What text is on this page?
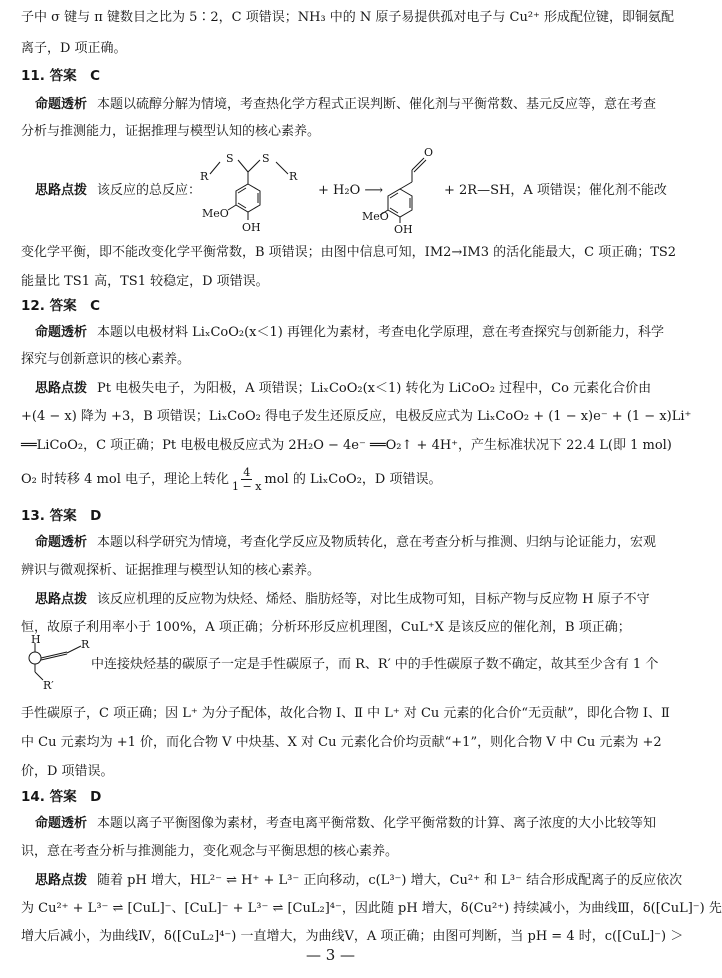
子中 σ 键与 π 键数目之比为 5∶2，C 项错误；NH₃ 中的 N 原子易提供孤对电子与 Cu²⁺ 形成配位键，即铜氨配
离子，D 项正确。
11. 答案　C
命题透析 本题以硫醇分解为情境，考查热化学方程式正误判断、催化剂与平衡常数、基元反应等，意在考查
分析与推测能力，证据推理与模型认知的核心素养。
思路点拨 该反应的总反应：
S	S
R	R
MeO
OH
+ H₂O ⟶
O
MeO
OH
+ 2R—SH，A 项错误；催化剂不能改
变化学平衡，即不能改变化学平衡常数，B 项错误；由图中信息可知，IM2→IM3 的活化能最大，C 项正确；TS2
能量比 TS1 高，TS1 较稳定，D 项错误。
12. 答案　C
命题透析 本题以电极材料 LiₓCoO₂(x＜1) 再锂化为素材，考查电化学原理，意在考查探究与创新能力，科学
探究与创新意识的核心素养。
思路点拨 Pt 电极失电子，为阳极，A 项错误；LiₓCoO₂(x＜1) 转化为 LiCoO₂ 过程中，Co 元素化合价由
+(4 − x) 降为 +3，B 项错误；LiₓCoO₂ 得电子发生还原反应，电极反应式为 LiₓCoO₂ + (1 − x)e⁻ + (1 − x)Li⁺
══LiCoO₂，C 项正确；Pt 电极电极反应式为 2H₂O − 4e⁻ ══O₂↑ + 4H⁺，产生标准状况下 22.4 L(即 1 mol)
O₂ 时转移 4 mol 电子，理论上转化 $\frac{4}{1 - x}$ mol 的 LiₓCoO₂，D 项错误。
13. 答案　D
命题透析 本题以科学研究为情境，考查化学反应及物质转化，意在考查分析与推测、归纳与论证能力，宏观
辨识与微观探析、证据推理与模型认知的核心素养。
思路点拨 该反应机理的反应物为炔烃、烯烃、脂肪烃等，对比生成物可知，目标产物与反应物 H 原子不守
恒，故原子利用率小于 100%，A 项正确；分析环形反应机理图，CuL⁺X 是该反应的催化剂，B 项正确；
H	R
R′
中连接炔烃基的碳原子一定是手性碳原子，而 R、R′ 中的手性碳原子数不确定，故其至少含有 1 个
手性碳原子，C 项正确；因 L⁺ 为分子配体，故化合物 Ⅰ、Ⅱ 中 L⁺ 对 Cu 元素的化合价“无贡献”，即化合物 Ⅰ、Ⅱ
中 Cu 元素均为 +1 价，而化合物 Ⅴ 中炔基、X 对 Cu 元素化合价均贡献“+1”，则化合物 Ⅴ 中 Cu 元素为 +2
价，D 项错误。
14. 答案　D
命题透析 本题以离子平衡图像为素材，考查电离平衡常数、化学平衡常数的计算、离子浓度的大小比较等知
识，意在考查分析与推测能力，变化观念与平衡思想的核心素养。
思路点拨 随着 pH 增大，HL²⁻ ⇌ H⁺ + L³⁻ 正向移动，c(L³⁻) 增大，Cu²⁺ 和 L³⁻ 结合形成配离子的反应依次
为 Cu²⁺ + L³⁻ ⇌ [CuL]⁻、[CuL]⁻ + L³⁻ ⇌ [CuL₂]⁴⁻，因此随 pH 增大，δ(Cu²⁺) 持续减小，为曲线Ⅲ，δ([CuL]⁻) 先
增大后减小，为曲线Ⅳ，δ([CuL₂]⁴⁻) 一直增大，为曲线Ⅴ，A 项正确；由图可判断，当 pH = 4 时，c([CuL]⁻) ＞
— 3 —
